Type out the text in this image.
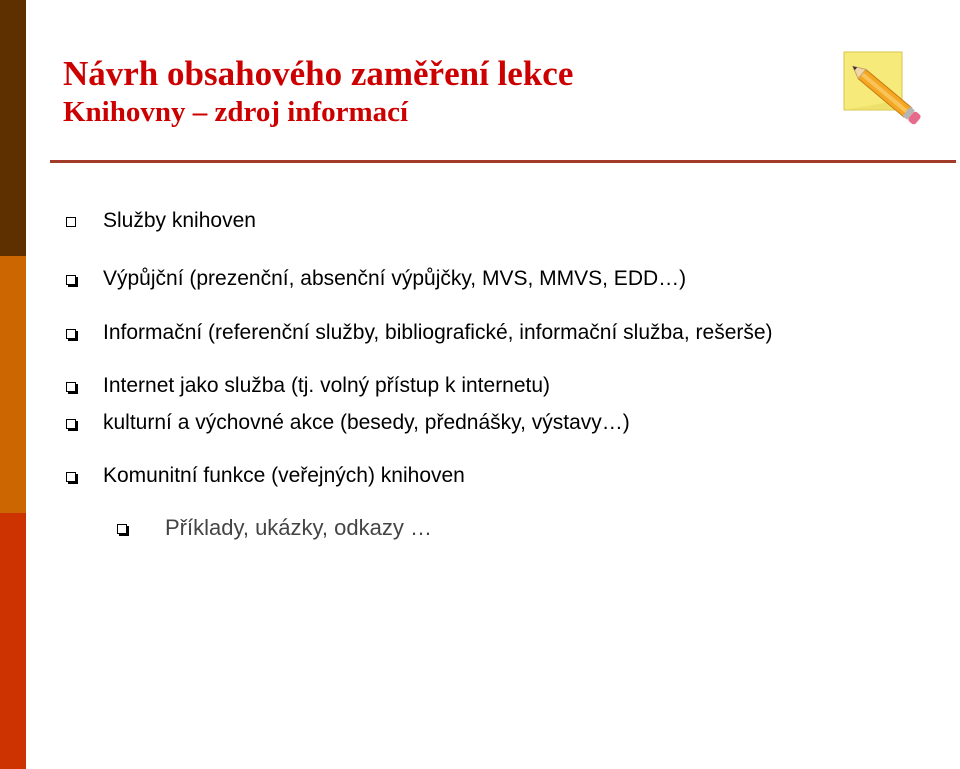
Návrh obsahového zaměření lekce
Knihovny – zdroj informací
Služby knihoven
Výpůjční (prezenční, absenční výpůjčky, MVS, MMVS, EDD…)
Informační (referenční služby, bibliografické, informační služba, rešerše)
Internet jako služba (tj. volný přístup k internetu)
kulturní a výchovné akce (besedy, přednášky, výstavy…)
Komunitní funkce (veřejných) knihoven
Příklady, ukázky, odkazy …
